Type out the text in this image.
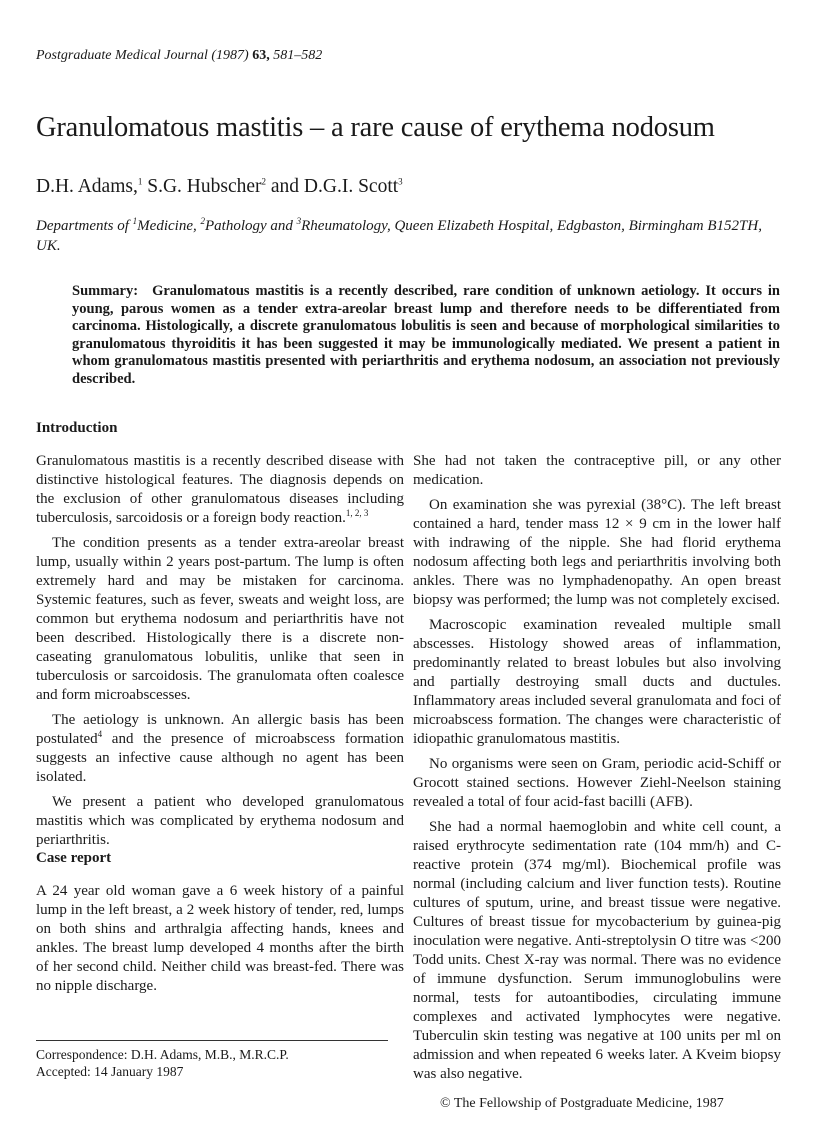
Postgraduate Medical Journal (1987) 63, 581–582
Granulomatous mastitis – a rare cause of erythema nodosum
D.H. Adams,$^1$ S.G. Hubscher$^2$ and D.G.I. Scott$^3$
Departments of $^1$Medicine, $^2$Pathology and $^3$Rheumatology, Queen Elizabeth Hospital, Edgbaston, Birmingham B152TH, UK.
Summary: Granulomatous mastitis is a recently described, rare condition of unknown aetiology. It occurs in young, parous women as a tender extra-areolar breast lump and therefore needs to be differentiated from carcinoma. Histologically, a discrete granulomatous lobulitis is seen and because of morphological similarities to granulomatous thyroiditis it has been suggested it may be immunologically mediated. We present a patient in whom granulomatous mastitis presented with periarthritis and erythema nodosum, an association not previously described.
Introduction

Granulomatous mastitis is a recently described disease with distinctive histological features. The diagnosis depends on the exclusion of other granulomatous diseases including tuberculosis, sarcoidosis or a foreign body reaction.$^{1, 2, 3}$

The condition presents as a tender extra-areolar breast lump, usually within 2 years post-partum. The lump is often extremely hard and may be mistaken for carcinoma. Systemic features, such as fever, sweats and weight loss, are common but erythema nodosum and periarthritis have not been described. Histologically there is a discrete non-caseating granulomatous lobulitis, unlike that seen in tuberculosis or sarcoidosis. The granulomata often coalesce and form microabscesses.

The aetiology is unknown. An allergic basis has been postulated$^4$ and the presence of microabscess formation suggests an infective cause although no agent has been isolated.

We present a patient who developed granulomatous mastitis which was complicated by erythema nodosum and periarthritis.

Case report

A 24 year old woman gave a 6 week history of a painful lump in the left breast, a 2 week history of tender, red, lumps on both shins and arthralgia affecting hands, knees and ankles. The breast lump developed 4 months after the birth of her second child. Neither child was breast-fed. There was no nipple discharge.

She had not taken the contraceptive pill, or any other medication.

On examination she was pyrexial (38°C). The left breast contained a hard, tender mass 12 × 9 cm in the lower half with indrawing of the nipple. She had florid erythema nodosum affecting both legs and periarthritis involving both ankles. There was no lymphadenopathy. An open breast biopsy was performed; the lump was not completely excised.

Macroscopic examination revealed multiple small abscesses. Histology showed areas of inflammation, predominantly related to breast lobules but also involving and partially destroying small ducts and ductules. Inflammatory areas included several granulomata and foci of microabscess formation. The changes were characteristic of idiopathic granulomatous mastitis.

No organisms were seen on Gram, periodic acid-Schiff or Grocott stained sections. However Ziehl-Neelson staining revealed a total of four acid-fast bacilli (AFB).

She had a normal haemoglobin and white cell count, a raised erythrocyte sedimentation rate (104 mm/h) and C-reactive protein (374 mg/ml). Biochemical profile was normal (including calcium and liver function tests). Routine cultures of sputum, urine, and breast tissue were negative. Cultures of breast tissue for mycobacterium by guinea-pig inoculation were negative. Anti-streptolysin O titre was <200 Todd units. Chest X-ray was normal. There was no evidence of immune dysfunction. Serum immunoglobulins were normal, tests for autoantibodies, circulating immune complexes and activated lymphocytes were negative. Tuberculin skin testing was negative at 100 units per ml on admission and when repeated 6 weeks later. A Kveim biopsy was also negative.

Correspondence: D.H. Adams, M.B., M.R.C.P.
Accepted: 14 January 1987
© The Fellowship of Postgraduate Medicine, 1987
